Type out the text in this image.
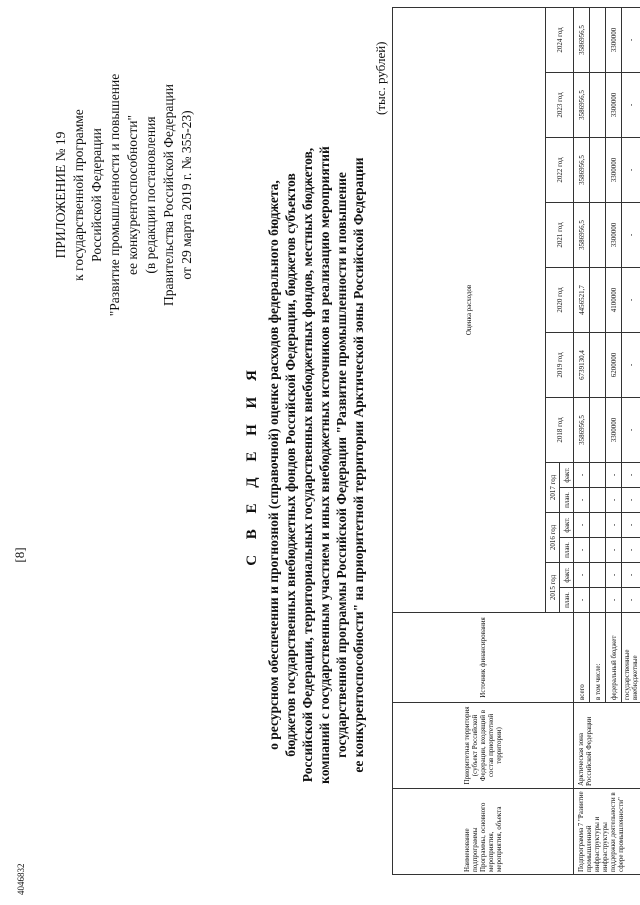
[8]
4046832
ПРИЛОЖЕНИЕ № 19 к государственной программе Российской Федерации "Развитие промышленности и повышение ее конкурентоспособности" (в редакции постановления Правительства Российской Федерации от 29 марта 2019 г. № 355-23)
С В Е Д Е Н И Я о ресурсном обеспечении и прогнозной (справочной) оценке расходов федерального бюджета, бюджетов государственных внебюджетных фондов Российской Федерации, бюджетов субъектов Российской Федерации, территориальных государственных внебюджетных фондов, местных бюджетов, компаний с государственным участием и иных внебюджетных источников на реализацию мероприятий государственной программы Российской Федерации "Развитие промышленности и повышение ее конкурентоспособности" на приоритетной территории Арктической зоны Российской Федерации
(тыс. рублей)
Наименование подпрограммы Программы, основного мероприятия, мероприятия, объекта	Приоритетная территория (субъект Российской Федерации, входящий в состав приоритетной территории)	Источник финансирования	Оценка расходов												
			2015 год		2016 год		2017 год		2018 год	2019 год	2020 год	2021 год	2022 год	2023 год	2024 год
			план.	факт.	план.	факт.	план.	факт.							
Подпрограмма 7 "Развитие промышленной инфраструктуры и инфраструктуры поддержки деятельности в сфере промышленности"	Арктическая зона Российской Федерации	всего	-	-	-	-	-	-	3586956,5	6739130,4	4456521,7	3586956,5	3586956,5	3586956,5	3586956,5
		в том числе:													
		федеральный бюджет	-	-	-	-	-	-	3300000	6200000	4100000	3300000	3300000	3300000	3300000
		государственные внебюджетные	-	-	-	-	-	-	-	-	-	-	-	-	-
